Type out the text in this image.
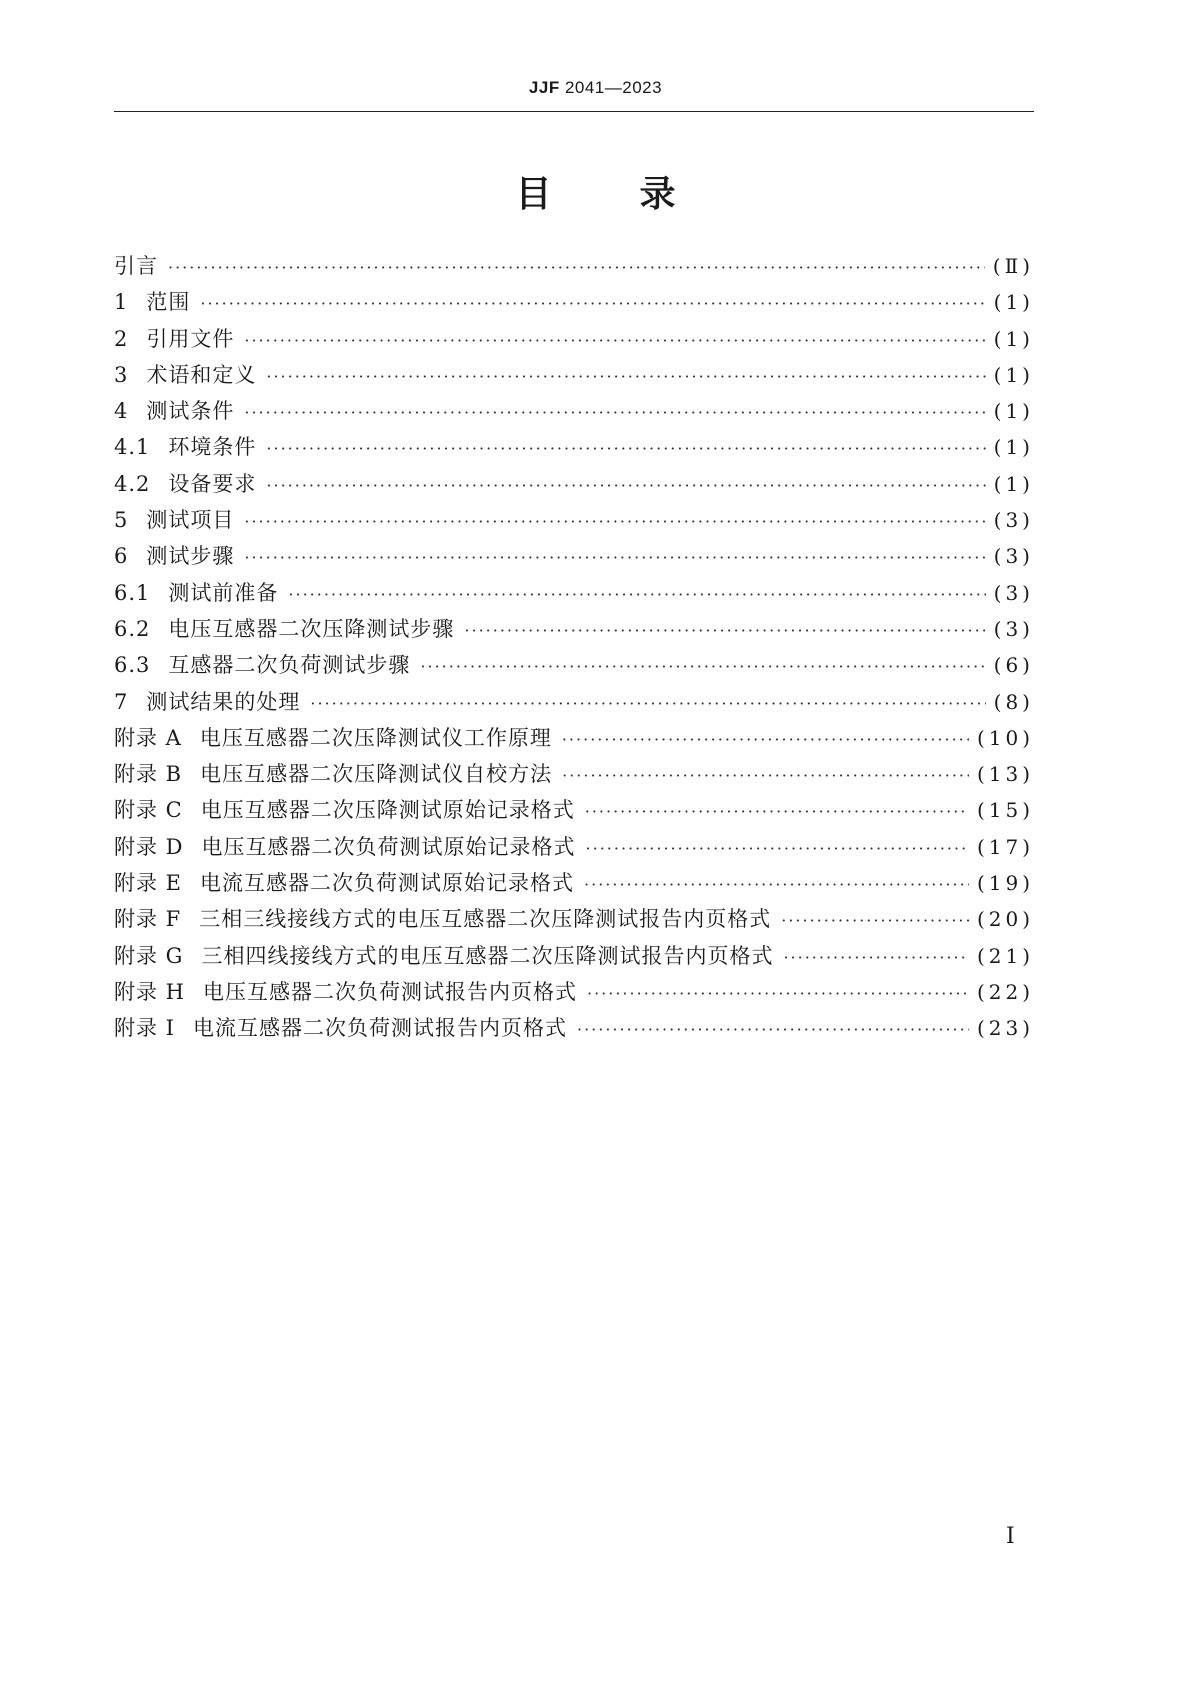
JJF 2041—2023
目 录
引言 ·····	(Ⅱ)
1 范围 ·····	(1)
2 引用文件 ·····	(1)
3 术语和定义 ·····	(1)
4 测试条件 ·····	(1)
4.1 环境条件 ·····	(1)
4.2 设备要求 ·····	(1)
5 测试项目 ·····	(3)
6 测试步骤 ·····	(3)
6.1 测试前准备 ·····	(3)
6.2 电压互感器二次压降测试步骤 ·····	(3)
6.3 互感器二次负荷测试步骤 ·····	(6)
7 测试结果的处理 ·····	(8)
附录 A 电压互感器二次压降测试仪工作原理 ·····	(10)
附录 B 电压互感器二次压降测试仪自校方法 ·····	(13)
附录 C 电压互感器二次压降测试原始记录格式 ·····	(15)
附录 D 电压互感器二次负荷测试原始记录格式 ·····	(17)
附录 E 电流互感器二次负荷测试原始记录格式 ·····	(19)
附录 F 三相三线接线方式的电压互感器二次压降测试报告内页格式 ·····	(20)
附录 G 三相四线接线方式的电压互感器二次压降测试报告内页格式 ·····	(21)
附录 H 电压互感器二次负荷测试报告内页格式 ·····	(22)
附录 I 电流互感器二次负荷测试报告内页格式 ·····	(23)
I
